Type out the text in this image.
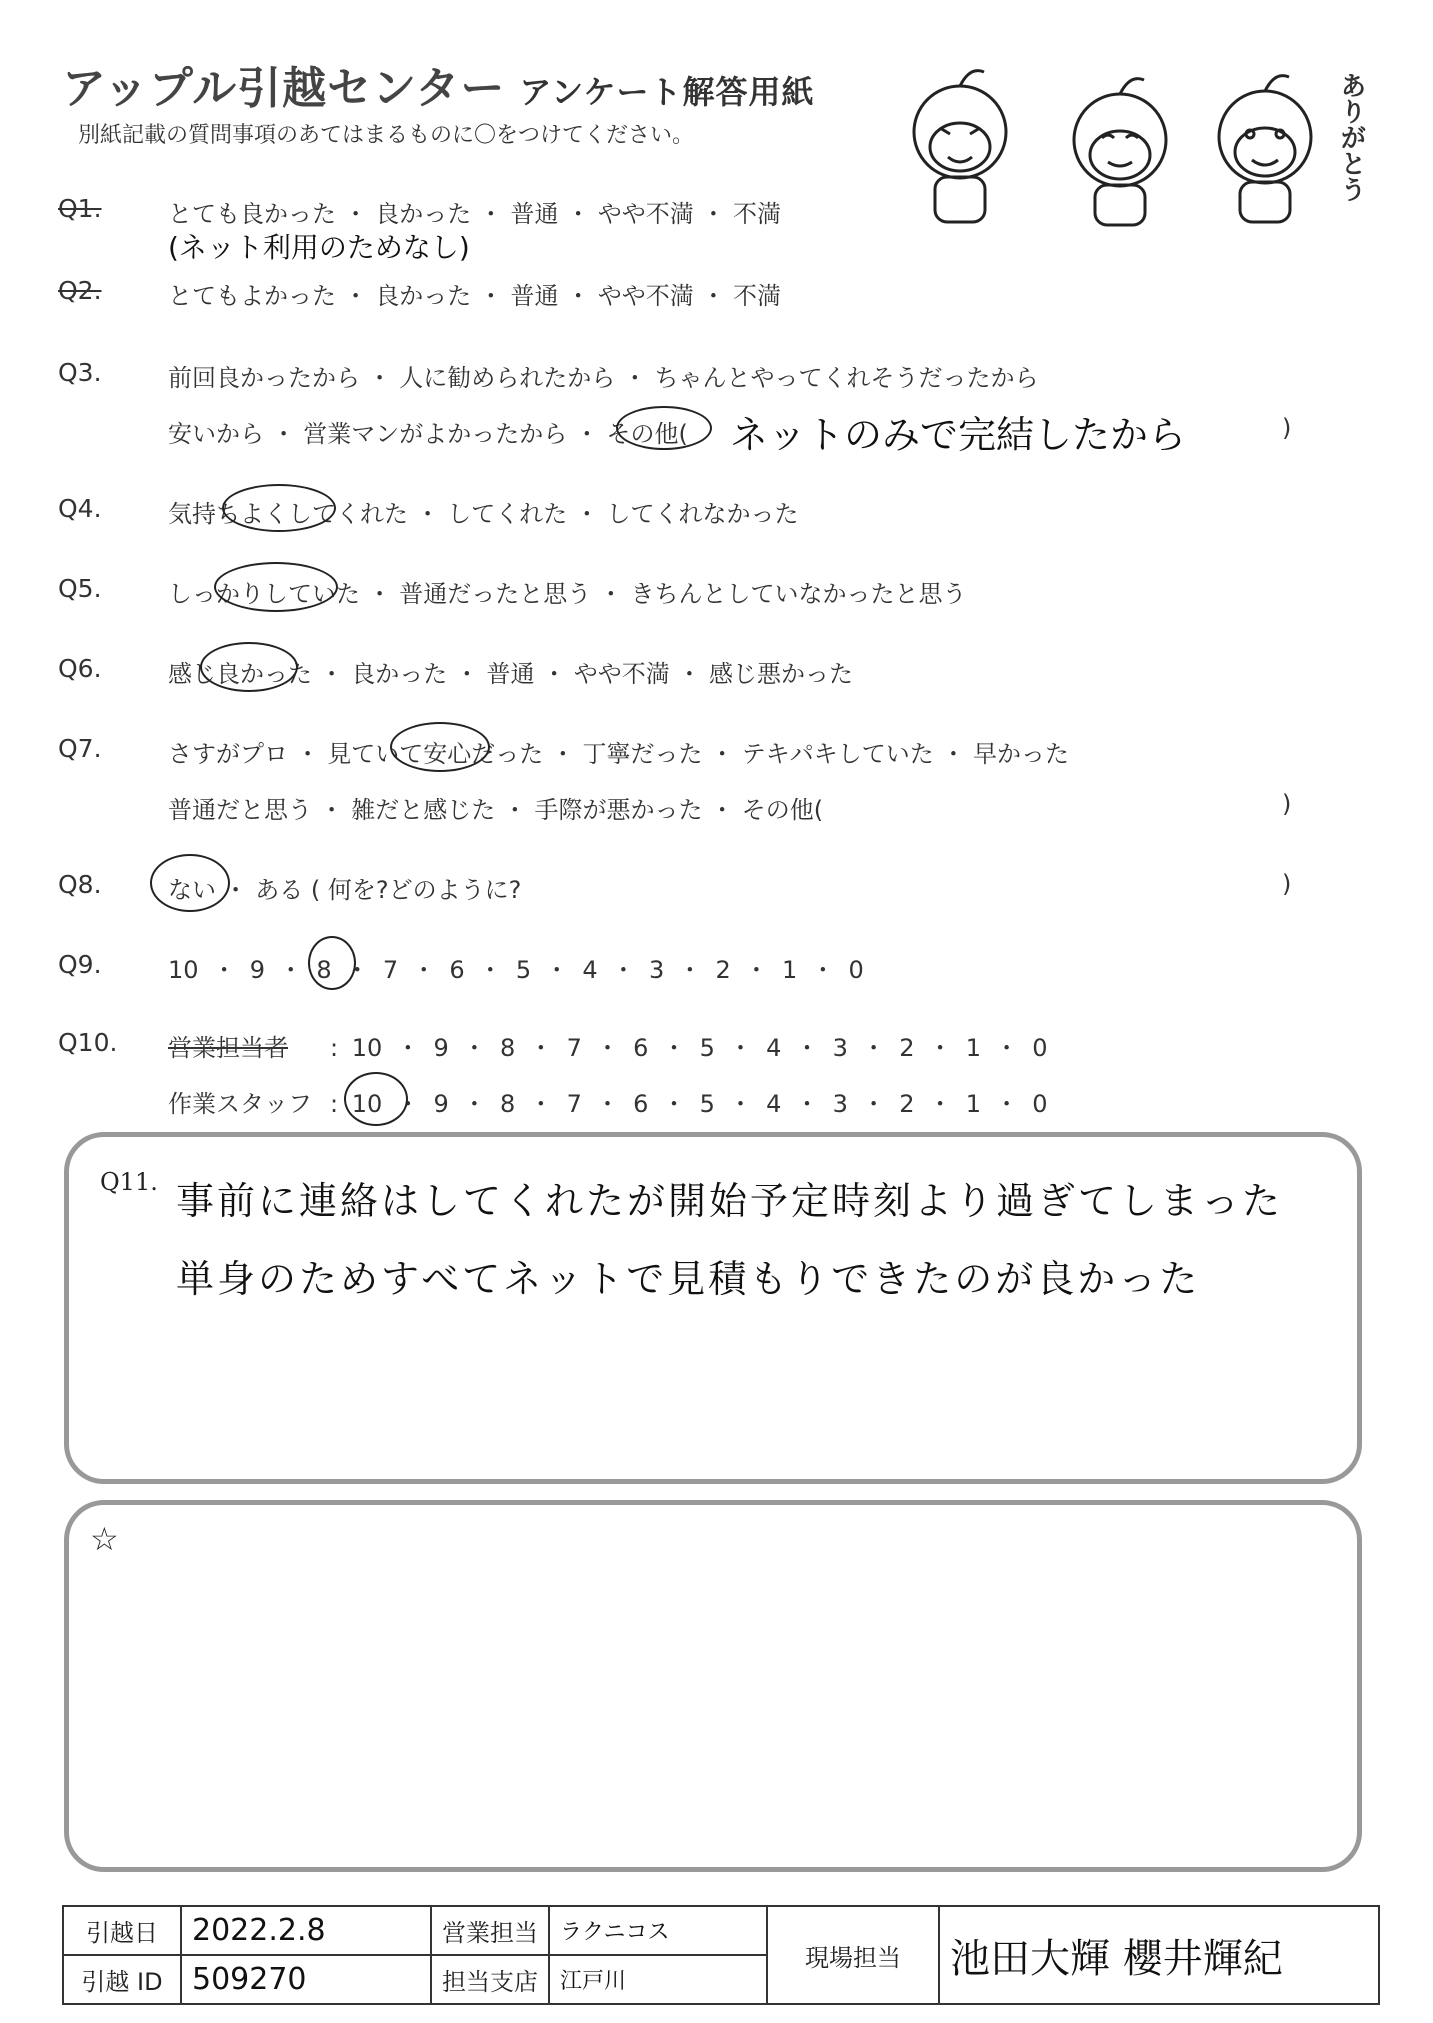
アップル引越センター アンケート解答用紙
別紙記載の質問事項のあてはまるものに〇をつけてください。	ありがとう
Q1.	とても良かった ・ 良かった ・ 普通 ・ やや不満 ・ 不満
(ネット利用のためなし)
Q2.	とてもよかった ・ 良かった ・ 普通 ・ やや不満 ・ 不満
Q3.	前回良かったから ・ 人に勧められたから ・ ちゃんとやってくれそうだったから
安いから ・ 営業マンがよかったから ・ その他( ネットのみで完結したから	)
Q4.	気持ちよくしてくれた ・ してくれた ・ してくれなかった
Q5.	しっかりしていた ・ 普通だったと思う ・ きちんとしていなかったと思う
Q6.	感じ良かった ・ 良かった ・ 普通 ・ やや不満 ・ 感じ悪かった
Q7.	さすがプロ ・ 見ていて安心だった ・ 丁寧だった ・ テキパキしていた ・ 早かった
普通だと思う ・ 雑だと感じた ・ 手際が悪かった ・ その他(	)
Q8.	ない ・ ある ( 何を?どのように?	)
Q9.	10 ・ 9 ・ 8 ・ 7 ・ 6 ・ 5 ・ 4 ・ 3 ・ 2 ・ 1 ・ 0
Q10. 営業担当者 : 10 ・ 9 ・ 8 ・ 7 ・ 6 ・ 5 ・ 4 ・ 3 ・ 2 ・ 1 ・ 0
作業スタッフ : 10 ・ 9 ・ 8 ・ 7 ・ 6 ・ 5 ・ 4 ・ 3 ・ 2 ・ 1 ・ 0
Q11. 事前に連絡はしてくれたが開始予定時刻より過ぎてしまった
単身のためすべてネットで見積もりできたのが良かった
☆
引越日	2022.2.8	営業担当	ラクニコス	現場担当	池田大輝 櫻井輝紀
引越 ID	509270	担当支店	江戸川		
